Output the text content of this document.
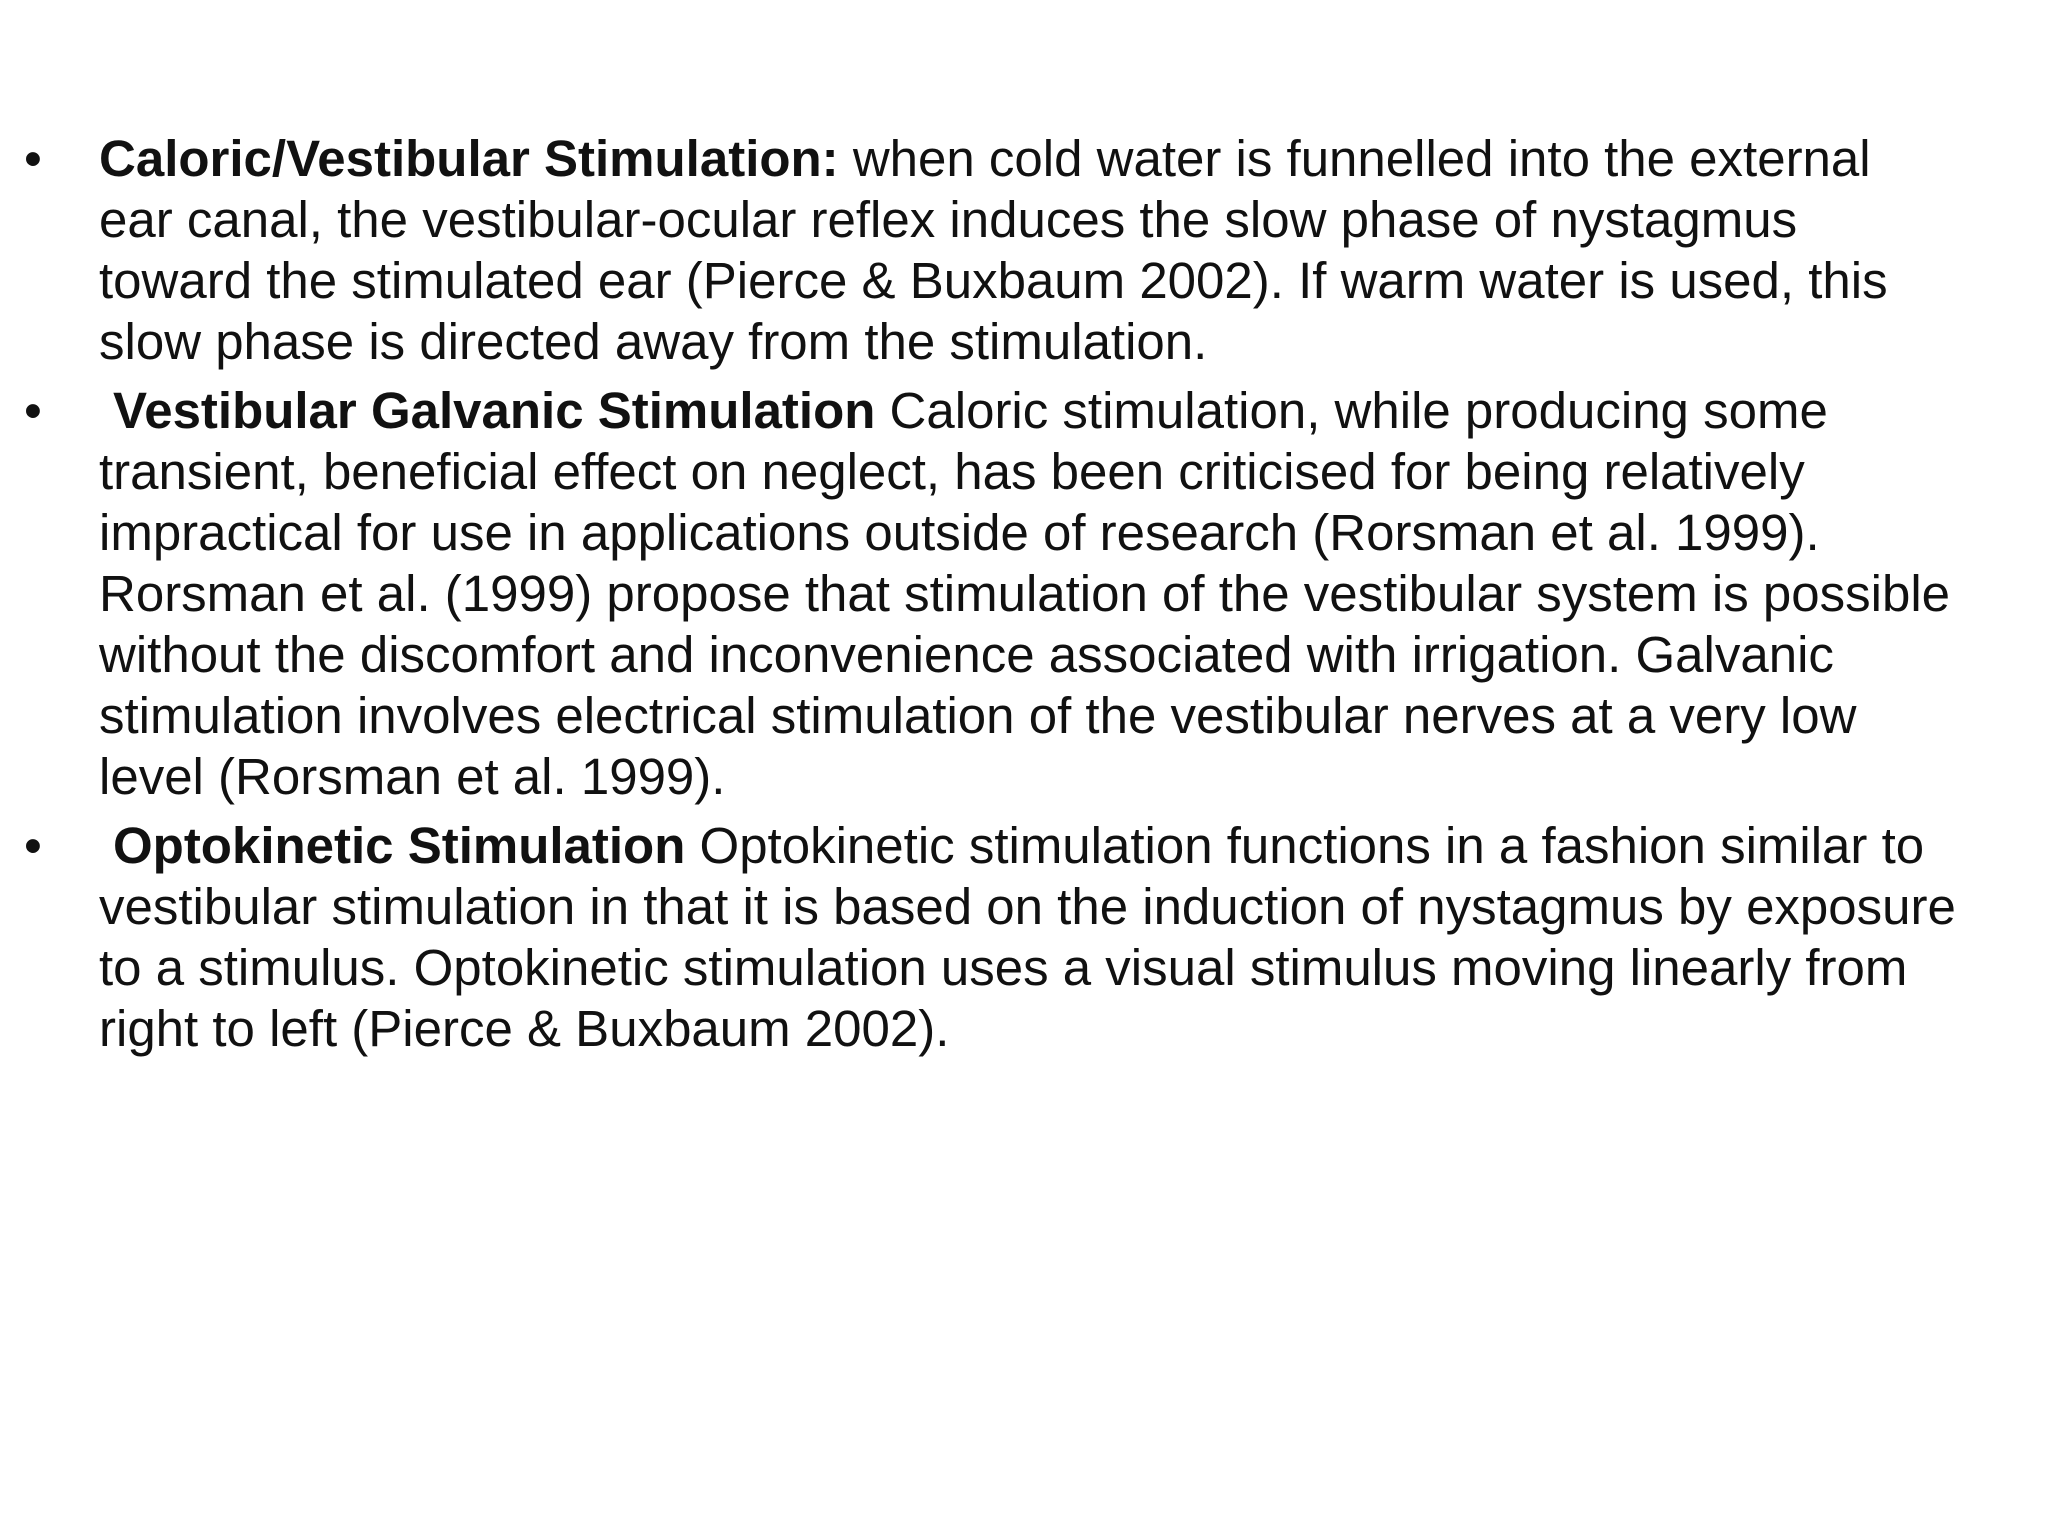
•	Caloric/Vestibular Stimulation: when cold water is funnelled into the external ear canal, the vestibular-ocular reflex induces the slow phase of nystagmus toward the stimulated ear (Pierce & Buxbaum 2002). If warm water is used, this slow phase is directed away from the stimulation.
•	Vestibular Galvanic Stimulation Caloric stimulation, while producing some transient, beneficial effect on neglect, has been criticised for being relatively impractical for use in applications outside of research (Rorsman et al. 1999). Rorsman et al. (1999) propose that stimulation of the vestibular system is possible without the discomfort and inconvenience associated with irrigation. Galvanic stimulation involves electrical stimulation of the vestibular nerves at a very low level (Rorsman et al. 1999).
•	Optokinetic Stimulation Optokinetic stimulation functions in a fashion similar to vestibular stimulation in that it is based on the induction of nystagmus by exposure to a stimulus. Optokinetic stimulation uses a visual stimulus moving linearly from right to left (Pierce & Buxbaum 2002).
